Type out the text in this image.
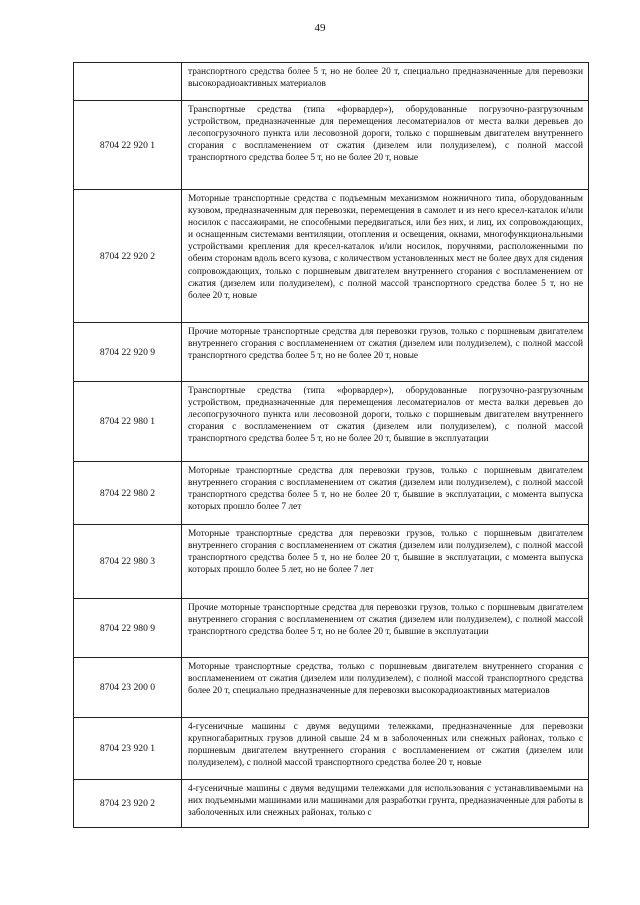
49
	транспортного средства более 5 т, но не более 20 т, специально предназначенные для перевозки высокорадиоактивных материалов
8704 22 920 1	Транспортные средства (типа «форвардер»), оборудованные погрузочно-разгрузочным устройством, предназначенные для перемещения лесоматериалов от места валки деревьев до лесопогрузочного пункта или лесовозной дороги, только с поршневым двигателем внутреннего сгорания с воспламенением от сжатия (дизелем или полудизелем), с полной массой транспортного средства более 5 т, но не более 20 т, новые
8704 22 920 2	Моторные транспортные средства с подъемным механизмом ножничного типа, оборудованным кузовом, предназначенным для перевозки, перемещения в самолет и из него кресел-каталок и/или носилок с пассажирами, не способными передвигаться, или без них, и лиц, их сопровождающих, и оснащенным системами вентиляции, отопления и освещения, окнами, многофункциональными устройствами крепления для кресел-каталок и/или носилок, поручнями, расположенными по обеим сторонам вдоль всего кузова, с количеством установленных мест не более двух для сидения сопровождающих, только с поршневым двигателем внутреннего сгорания с воспламенением от сжатия (дизелем или полудизелем), с полной массой транспортного средства более 5 т, но не более 20 т, новые
8704 22 920 9	Прочие моторные транспортные средства для перевозки грузов, только с поршневым двигателем внутреннего сгорания с воспламенением от сжатия (дизелем или полудизелем), с полной массой транспортного средства более 5 т, но не более 20 т, новые
8704 22 980 1	Транспортные средства (типа «форвардер»), оборудованные погрузочно-разгрузочным устройством, предназначенные для перемещения лесоматериалов от места валки деревьев до лесопогрузочного пункта или лесовозной дороги, только с поршневым двигателем внутреннего сгорания с воспламенением от сжатия (дизелем или полудизелем), с полной массой транспортного средства более 5 т, но не более 20 т, бывшие в эксплуатации
8704 22 980 2	Моторные транспортные средства для перевозки грузов, только с поршневым двигателем внутреннего сгорания с воспламенением от сжатия (дизелем или полудизелем), с полной массой транспортного средства более 5 т, но не более 20 т, бывшие в эксплуатации, с момента выпуска которых прошло более 7 лет
8704 22 980 3	Моторные транспортные средства для перевозки грузов, только с поршневым двигателем внутреннего сгорания с воспламенением от сжатия (дизелем или полудизелем), с полной массой транспортного средства более 5 т, но не более 20 т, бывшие в эксплуатации, с момента выпуска которых прошло более 5 лет, но не более 7 лет
8704 22 980 9	Прочие моторные транспортные средства для перевозки грузов, только с поршневым двигателем внутреннего сгорания с воспламенением от сжатия (дизелем или полудизелем), с полной массой транспортного средства более 5 т, но не более 20 т, бывшие в эксплуатации
8704 23 200 0	Моторные транспортные средства, только с поршневым двигателем внутреннего сгорания с воспламенением от сжатия (дизелем или полудизелем), с полной массой транспортного средства более 20 т, специально предназначенные для перевозки высокорадиоактивных материалов
8704 23 920 1	4-гусеничные машины с двумя ведущими тележками, предназначенные для перевозки крупногабаритных грузов длиной свыше 24 м в заболоченных или снежных районах, только с поршневым двигателем внутреннего сгорания с воспламенением от сжатия (дизелем или полудизелем), с полной массой транспортного средства более 20 т, новые
8704 23 920 2	4-гусеничные машины с двумя ведущими тележками для использования с устанавливаемыми на них подъемными машинами или машинами для разработки грунта, предназначенные для работы в заболоченных или снежных районах, только с
